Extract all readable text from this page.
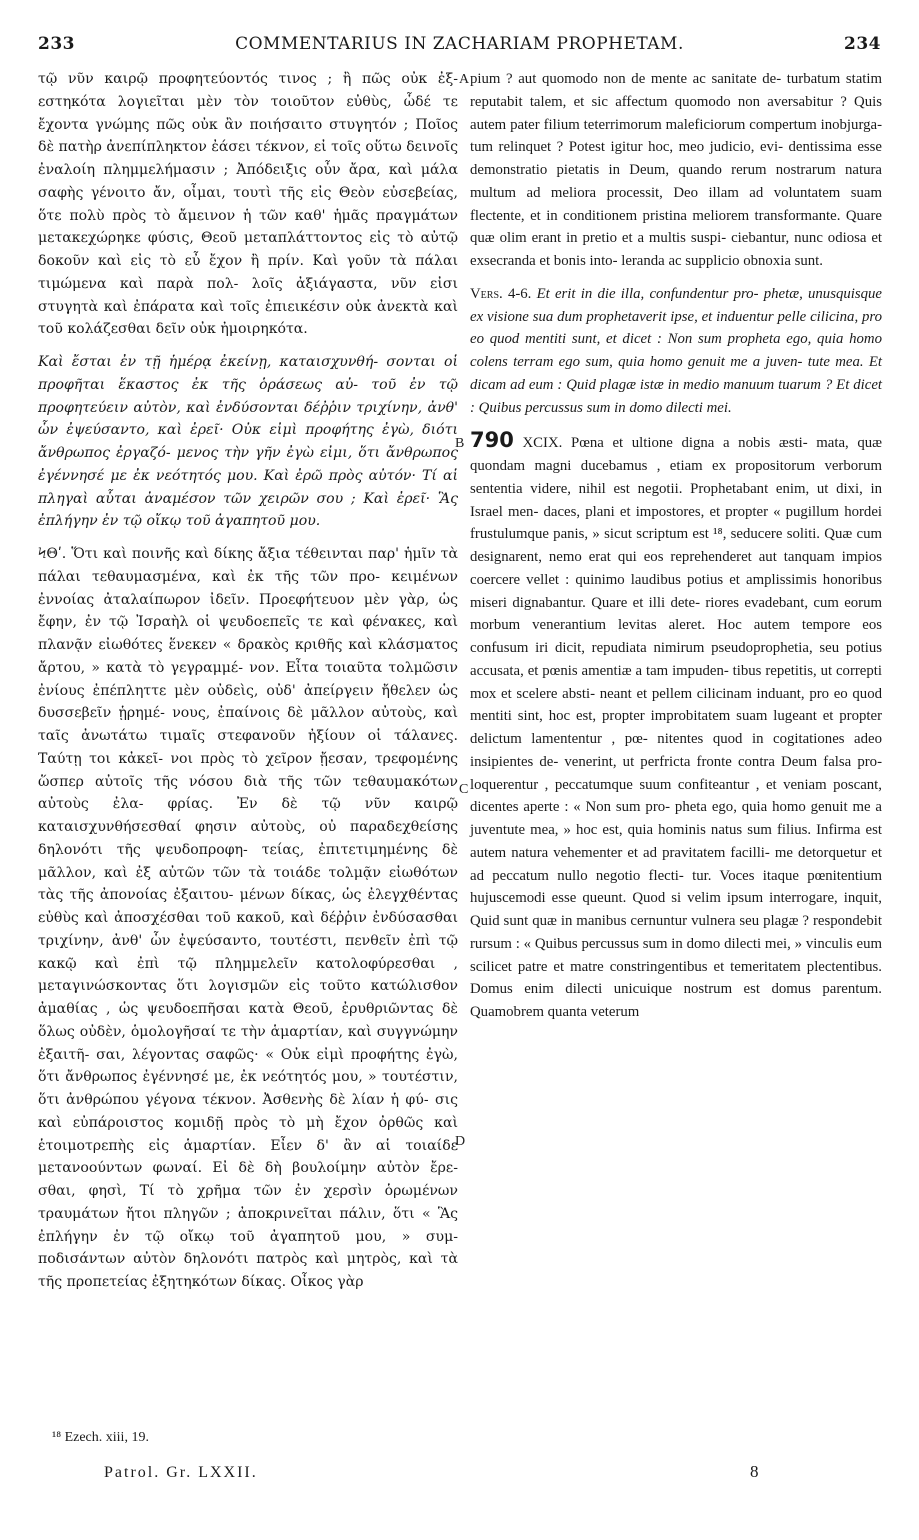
233	COMMENTARIUS IN ZACHARIAM PROPHETAM.	234

τῷ νῦν καιρῷ προφητεύοντός τινος ; ἢ πῶς οὐκ ἐξ- εστηκότα λογιεῖται μὲν τὸν τοιοῦτον εὐθὺς, ὧδέ τε ἔχοντα γνώμης πῶς οὐκ ἂν ποιήσαιτο στυγητόν ; Ποῖος δὲ πατὴρ ἀνεπίπληκτον ἐάσει τέκνον, εἰ τοῖς οὕτω δεινοῖς ἐναλοίη πλημμελήμασιν ; Ἀπόδειξις οὖν ἄρα, καὶ μάλα σαφὴς γένοιτο ἄν, οἶμαι, τουτὶ τῆς εἰς Θεὸν εὐσεβείας, ὅτε πολὺ πρὸς τὸ ἄμεινον ἡ τῶν καθ' ἡμᾶς πραγμάτων μετακεχώρηκε φύσις, Θεοῦ μεταπλάττοντος εἰς τὸ αὐτῷ δοκοῦν καὶ εἰς τὸ εὖ ἔχον ἢ πρίν. Καὶ γοῦν τὰ πάλαι τιμώμενα καὶ παρὰ πολ- λοῖς ἀξιάγαστα, νῦν εἰσι στυγητὰ καὶ ἐπάρατα καὶ τοῖς ἐπιεικέσιν οὐκ ἀνεκτὰ καὶ τοῦ κολάζεσθαι δεῖν οὐκ ἠμοιρηκότα.

Καὶ ἔσται ἐν τῇ ἡμέρᾳ ἐκείνῃ, καταισχυνθή- σονται οἱ προφῆται ἕκαστος ἐκ τῆς ὁράσεως αὐ- τοῦ ἐν τῷ προφητεύειν αὐτὸν, καὶ ἐνδύσονται δέῤῥιν τριχίνην, ἀνθ' ὧν ἐψεύσαντο, καὶ ἐρεῖ· Οὐκ εἰμὶ προφήτης ἐγὼ, διότι ἄνθρωπος ἐργαζό- μενος τὴν γῆν ἐγὼ εἰμι, ὅτι ἄνθρωπος ἐγέννησέ με ἐκ νεότητός μου. Καὶ ἐρῶ πρὸς αὐτόν· Τί αἱ πληγαὶ αὗται ἀναμέσον τῶν χειρῶν σου ; Καὶ ἐρεῖ· Ἃς ἐπλήγην ἐν τῷ οἴκῳ τοῦ ἀγαπητοῦ μου.

ϞΘʹ. Ὅτι καὶ ποινῆς καὶ δίκης ἄξια τέθεινται παρ' ἡμῖν τὰ πάλαι τεθαυμασμένα, καὶ ἐκ τῆς τῶν προ- κειμένων ἐννοίας ἀταλαίπωρον ἰδεῖν. Προεφήτευον μὲν γὰρ, ὡς ἔφην, ἐν τῷ Ἰσραὴλ οἱ ψευδοεπεῖς τε καὶ φένακες, καὶ πλανᾷν εἰωθότες ἕνεκεν « δρακὸς κριθῆς καὶ κλάσματος ἄρτου, » κατὰ τὸ γεγραμμέ- νον. Εἶτα τοιαῦτα τολμῶσιν ἐνίους ἐπέπληττε μὲν οὐδεὶς, οὐδ' ἀπείργειν ἤθελεν ὡς δυσσεβεῖν ᾑρημέ- νους, ἐπαίνοις δὲ μᾶλλον αὐτοὺς, καὶ ταῖς ἀνωτάτω τιμαῖς στεφανοῦν ἠξίουν οἱ τάλανες. Ταύτῃ τοι κἀκεῖ- νοι πρὸς τὸ χεῖρον ᾔεσαν, τρεφομένης ὥσπερ αὐτοῖς τῆς νόσου διὰ τῆς τῶν τεθαυμακότων αὐτοὺς ἐλα- φρίας. Ἐν δὲ τῷ νῦν καιρῷ καταισχυνθήσεσθαί φησιν αὐτοὺς, οὐ παραδεχθείσης δηλονότι τῆς ψευδοπροφη- τείας, ἐπιτετιμημένης δὲ μᾶλλον, καὶ ἐξ αὐτῶν τῶν τὰ τοιάδε τολμᾷν εἰωθότων τὰς τῆς ἀπονοίας ἐξαιτου- μένων δίκας, ὡς ἐλεγχθέντας εὐθὺς καὶ ἀποσχέσθαι τοῦ κακοῦ, καὶ δέῤῥιν ἐνδύσασθαι τριχίνην, ἀνθ' ὧν ἐψεύσαντο, τουτέστι, πενθεῖν ἐπὶ τῷ κακῷ καὶ ἐπὶ τῷ πλημμελεῖν κατολοφύρεσθαι , μεταγινώσκοντας ὅτι λογισμῶν εἰς τοῦτο κατώλισθον ἀμαθίας , ὡς ψευδοεπῆσαι κατὰ Θεοῦ, ἐρυθριῶντας δὲ ὅλως οὐδὲν, ὁμολογῆσαί τε τὴν ἁμαρτίαν, καὶ συγγνώμην ἐξαιτῆ- σαι, λέγοντας σαφῶς· « Οὐκ εἰμὶ προφήτης ἐγὼ, ὅτι ἄνθρωπος ἐγέννησέ με, ἐκ νεότητός μου, » τουτέστιν, ὅτι ἀνθρώπου γέγονα τέκνον. Ἀσθενὴς δὲ λίαν ἡ φύ- σις καὶ εὐπάροιστος κομιδῇ πρὸς τὸ μὴ ἔχον ὀρθῶς καὶ ἑτοιμοτρεπὴς εἰς ἁμαρτίαν. Εἶεν δ' ἂν αἱ τοιαίδε μετανοούντων φωναί. Εἰ δὲ δὴ βουλοίμην αὐτὸν ἔρε- σθαι, φησὶ, Τί τὸ χρῆμα τῶν ἐν χερσὶν ὁρωμένων τραυμάτων ἤτοι πληγῶν ; ἀποκρινεῖται πάλιν, ὅτι « Ἃς ἐπλήγην ἐν τῷ οἴκῳ τοῦ ἀγαπητοῦ μου, » συμ- ποδισάντων αὐτὸν δηλονότι πατρὸς καὶ μητρὸς, καὶ τὰ τῆς προπετείας ἐξητηκότων δίκας. Οἶκος γὰρ

A
B
C
D

pium ? aut quomodo non de mente ac sanitate de- turbatum statim reputabit talem, et sic affectum quomodo non aversabitur ? Quis autem pater filium teterrimorum maleficiorum compertum inobjurga- tum relinquet ? Potest igitur hoc, meo judicio, evi- dentissima esse demonstratio pietatis in Deum, quando rerum nostrarum natura multum ad meliora processit, Deo illam ad voluntatem suam flectente, et in conditionem pristina meliorem transformante. Quare quæ olim erant in pretio et a multis suspi- ciebantur, nunc odiosa et exsecranda et bonis into- leranda ac supplicio obnoxia sunt.

Vers. 4-6. Et erit in die illa, confundentur pro- phetæ, unusquisque ex visione sua dum prophetaverit ipse, et induentur pelle cilicina, pro eo quod mentiti sunt, et dicet : Non sum propheta ego, quia homo colens terram ego sum, quia homo genuit me a juven- tute mea. Et dicam ad eum : Quid plagæ istæ in medio manuum tuarum ? Et dicet : Quibus percussus sum in domo dilecti mei.

790 XCIX. Pœna et ultione digna a nobis æsti- mata, quæ quondam magni ducebamus , etiam ex propositorum verborum sententia videre, nihil est negotii. Prophetabant enim, ut dixi, in Israel men- daces, plani et impostores, et propter « pugillum hordei frustulumque panis, » sicut scriptum est ¹⁸, seducere soliti. Quæ cum designarent, nemo erat qui eos reprehenderet aut tanquam impios coercere vellet : quinimo laudibus potius et amplissimis honoribus miseri dignabantur. Quare et illi dete- riores evadebant, cum eorum morbum venerantium levitas aleret. Hoc autem tempore eos confusum iri dicit, repudiata nimirum pseudoprophetia, seu potius accusata, et pœnis amentiæ a tam impuden- tibus repetitis, ut correpti mox et scelere absti- neant et pellem cilicinam induant, pro eo quod mentiti sint, hoc est, propter improbitatem suam lugeant et propter delictum lamententur , pœ- nitentes quod in cogitationes adeo insipientes de- venerint, ut perfricta fronte contra Deum falsa pro- loquerentur , peccatumque suum confiteantur , et veniam poscant, dicentes aperte : « Non sum pro- pheta ego, quia homo genuit me a juventute mea, » hoc est, quia hominis natus sum filius. Infirma est autem natura vehementer et ad pravitatem facilli- me detorquetur et ad peccatum nullo negotio flecti- tur. Voces itaque pœnitentium hujuscemodi esse queunt. Quod si velim ipsum interrogare, inquit, Quid sunt quæ in manibus cernuntur vulnera seu plagæ ? respondebit rursum : « Quibus percussus sum in domo dilecti mei, » vinculis eum scilicet patre et matre constringentibus et temeritatem plectentibus. Domus enim dilecti unicuique nostrum est domus parentum. Quamobrem quanta veterum

¹⁸ Ezech. xiii, 19.
Patrol. Gr. LXXII.	8
